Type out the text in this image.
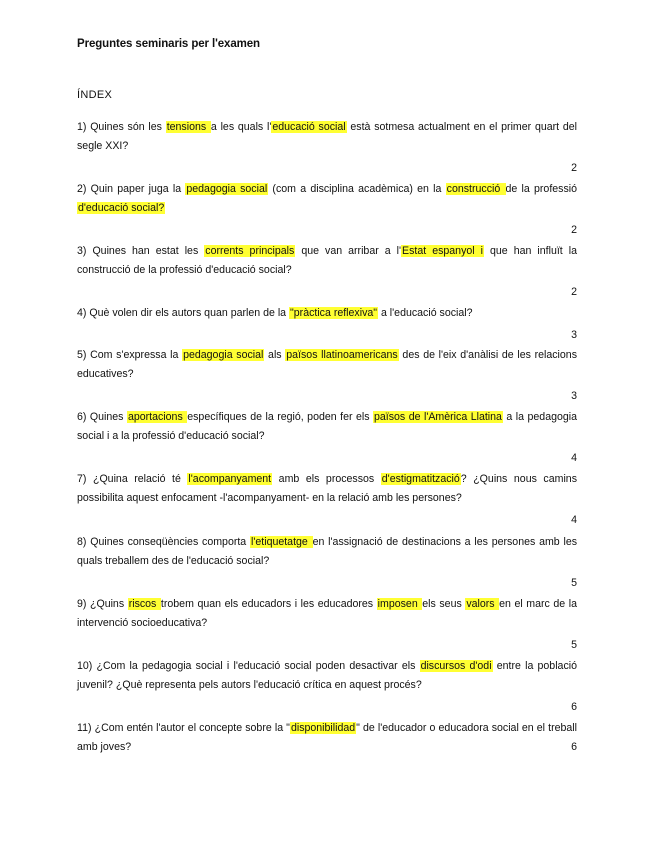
Preguntes seminaris per l'examen
ÍNDEX
1) Quines són les tensions a les quals l'educació social està sotmesa actualment en el primer quart del segle XXI?
2
2) Quin paper juga la pedagogia social (com a disciplina acadèmica) en la construcció de la professió d'educació social?
2
3) Quines han estat les corrents principals que van arribar a l'Estat espanyol i que han influït la construcció de la professió d'educació social?
2
4) Què volen dir els autors quan parlen de la "pràctica reflexiva" a l'educació social?
3
5) Com s'expressa la pedagogia social als països llatinoamericans des de l'eix d'anàlisi de les relacions educatives?
3
6) Quines aportacions específiques de la regió, poden fer els països de l'Amèrica Llatina a la pedagogia social i a la professió d'educació social?
4
7) ¿Quina relació té l'acompanyament amb els processos d'estigmatització? ¿Quins nous camins possibilita aquest enfocament -l'acompanyament- en la relació amb les persones?
4
8) Quines conseqüències comporta l'etiquetatge en l'assignació de destinacions a les persones amb les quals treballem des de l'educació social?
5
9) ¿Quins riscos trobem quan els educadors i les educadores imposen els seus valors en el marc de la intervenció socioeducativa?
5
10) ¿Com la pedagogia social i l'educació social poden desactivar els discursos d'odi entre la població juvenil? ¿Què representa pels autors l'educació crítica en aquest procés?
6
11) ¿Com entén l'autor el concepte sobre la "disponibilidad" de l'educador o educadora social en el treball amb joves?	6
